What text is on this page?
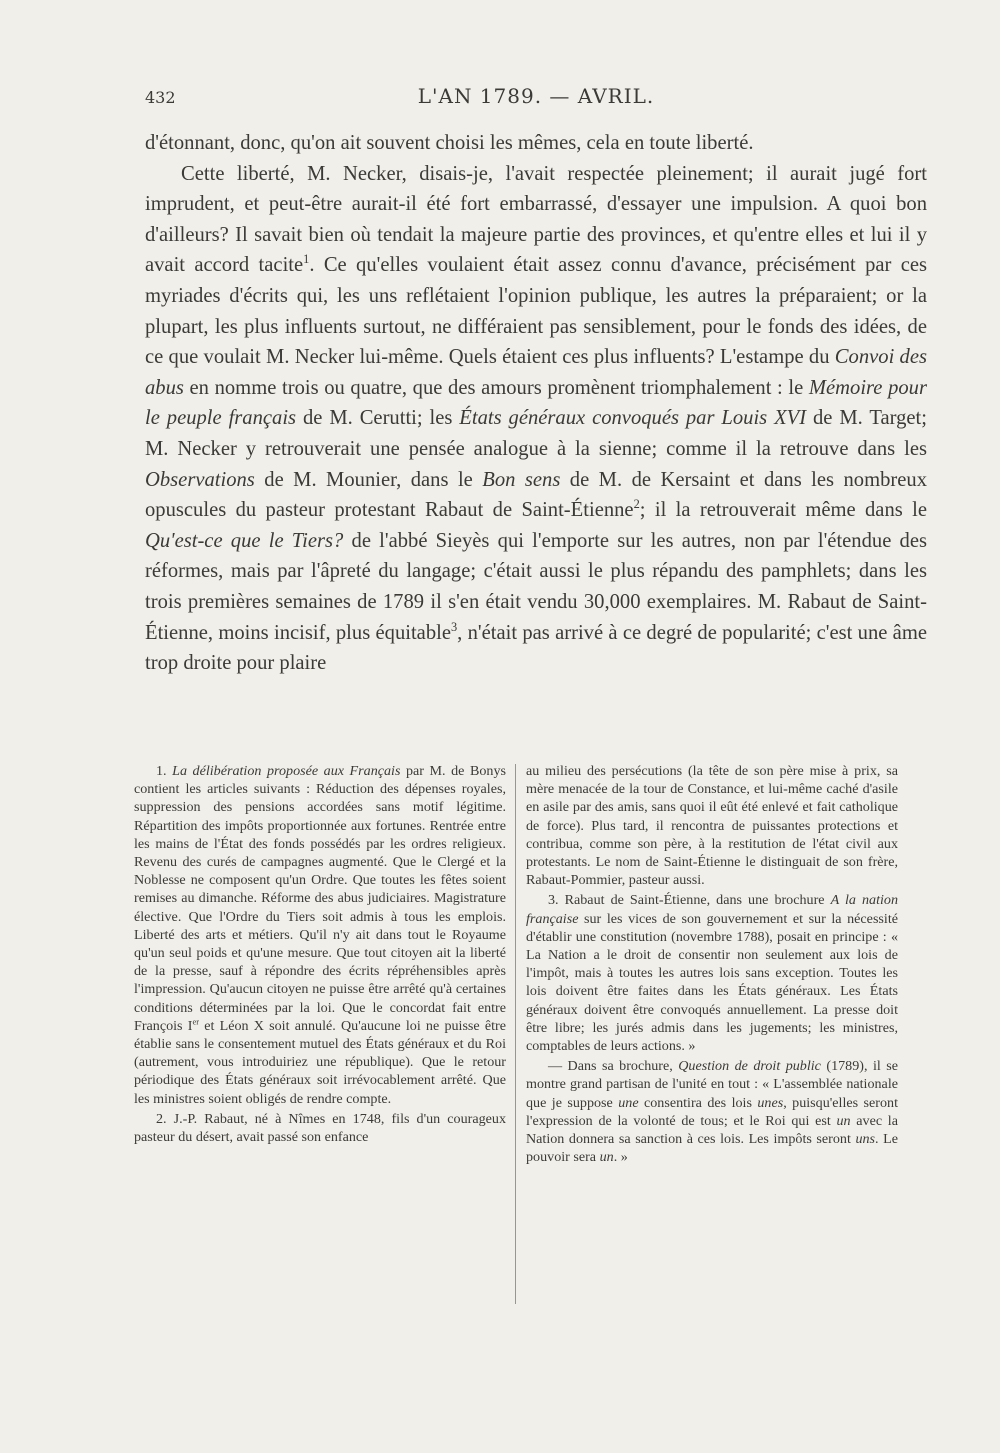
432	L'AN 1789. — AVRIL.

d'étonnant, donc, qu'on ait souvent choisi les mêmes, cela en toute liberté.

Cette liberté, M. Necker, disais-je, l'avait respectée pleinement; il aurait jugé fort imprudent, et peut-être aurait-il été fort embarrassé, d'essayer une impulsion. A quoi bon d'ailleurs? Il savait bien où tendait la majeure partie des provinces, et qu'entre elles et lui il y avait accord tacite$^1$. Ce qu'elles voulaient était assez connu d'avance, précisément par ces myriades d'écrits qui, les uns reflétaient l'opinion publique, les autres la préparaient; or la plupart, les plus influents surtout, ne différaient pas sensiblement, pour le fonds des idées, de ce que voulait M. Necker lui-même. Quels étaient ces plus influents? L'estampe du Convoi des abus en nomme trois ou quatre, que des amours promènent triomphalement : le Mémoire pour le peuple français de M. Cerutti; les États généraux convoqués par Louis XVI de M. Target; M. Necker y retrouverait une pensée analogue à la sienne; comme il la retrouve dans les Observations de M. Mounier, dans le Bon sens de M. de Kersaint et dans les nombreux opuscules du pasteur protestant Rabaut de Saint-Étienne$^2$; il la retrouverait même dans le Qu'est-ce que le Tiers? de l'abbé Sieyès qui l'emporte sur les autres, non par l'étendue des réformes, mais par l'âpreté du langage; c'était aussi le plus répandu des pamphlets; dans les trois premières semaines de 1789 il s'en était vendu 30,000 exemplaires. M. Rabaut de Saint-Étienne, moins incisif, plus équitable$^3$, n'était pas arrivé à ce degré de popularité; c'est une âme trop droite pour plaire

1. La délibération proposée aux Français par M. de Bonys contient les articles suivants : Réduction des dépenses royales, suppression des pensions accordées sans motif légitime. Répartition des impôts proportionnée aux fortunes. Rentrée entre les mains de l'État des fonds possédés par les ordres religieux. Revenu des curés de campagnes augmenté. Que le Clergé et la Noblesse ne composent qu'un Ordre. Que toutes les fêtes soient remises au dimanche. Réforme des abus judiciaires. Magistrature élective. Que l'Ordre du Tiers soit admis à tous les emplois. Liberté des arts et métiers. Qu'il n'y ait dans tout le Royaume qu'un seul poids et qu'une mesure. Que tout citoyen ait la liberté de la presse, sauf à répondre des écrits répréhensibles après l'impression. Qu'aucun citoyen ne puisse être arrêté qu'à certaines conditions déterminées par la loi. Que le concordat fait entre François Ier et Léon X soit annulé. Qu'aucune loi ne puisse être établie sans le consentement mutuel des États généraux et du Roi (autrement, vous introduiriez une république). Que le retour périodique des États généraux soit irrévocablement arrêté. Que les ministres soient obligés de rendre compte.

2. J.-P. Rabaut, né à Nîmes en 1748, fils d'un courageux pasteur du désert, avait passé son enfance

au milieu des persécutions (la tête de son père mise à prix, sa mère menacée de la tour de Constance, et lui-même caché d'asile en asile par des amis, sans quoi il eût été enlevé et fait catholique de force). Plus tard, il rencontra de puissantes protections et contribua, comme son père, à la restitution de l'état civil aux protestants. Le nom de Saint-Étienne le distinguait de son frère, Rabaut-Pommier, pasteur aussi.

3. Rabaut de Saint-Étienne, dans une brochure A la nation française sur les vices de son gouvernement et sur la nécessité d'établir une constitution (novembre 1788), posait en principe : « La Nation a le droit de consentir non seulement aux lois de l'impôt, mais à toutes les autres lois sans exception. Toutes les lois doivent être faites dans les États généraux. Les États généraux doivent être convoqués annuellement. La presse doit être libre; les jurés admis dans les jugements; les ministres, comptables de leurs actions. »

— Dans sa brochure, Question de droit public (1789), il se montre grand partisan de l'unité en tout : « L'assemblée nationale que je suppose une consentira des lois unes, puisqu'elles seront l'expression de la volonté de tous; et le Roi qui est un avec la Nation donnera sa sanction à ces lois. Les impôts seront uns. Le pouvoir sera un. »
